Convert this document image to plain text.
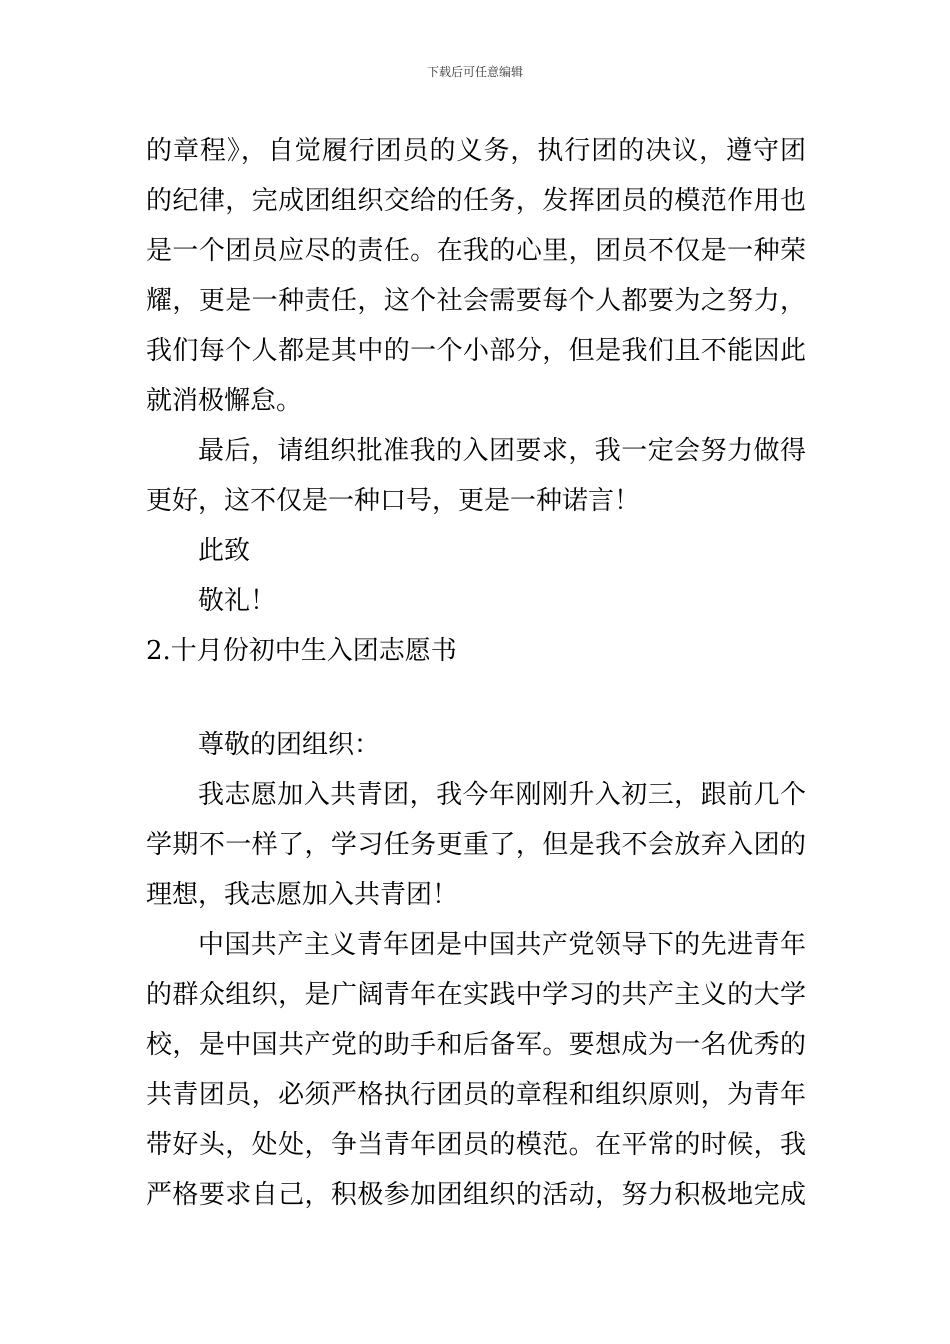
下载后可任意编辑
的章程》，自觉履行团员的义务，执行团的决议，遵守团
的纪律，完成团组织交给的任务，发挥团员的模范作用也
是一个团员应尽的责任。在我的心里，团员不仅是一种荣
耀，更是一种责任，这个社会需要每个人都要为之努力，
我们每个人都是其中的一个小部分，但是我们且不能因此
就消极懈怠。
最后，请组织批准我的入团要求，我一定会努力做得
更好，这不仅是一种口号，更是一种诺言！
此致
敬礼！
2.十月份初中生入团志愿书
尊敬的团组织：
我志愿加入共青团，我今年刚刚升入初三，跟前几个
学期不一样了，学习任务更重了，但是我不会放弃入团的
理想，我志愿加入共青团！
中国共产主义青年团是中国共产党领导下的先进青年
的群众组织，是广阔青年在实践中学习的共产主义的大学
校，是中国共产党的助手和后备军。要想成为一名优秀的
共青团员，必须严格执行团员的章程和组织原则，为青年
带好头，处处，争当青年团员的模范。在平常的时候，我
严格要求自己，积极参加团组织的活动，努力积极地完成
